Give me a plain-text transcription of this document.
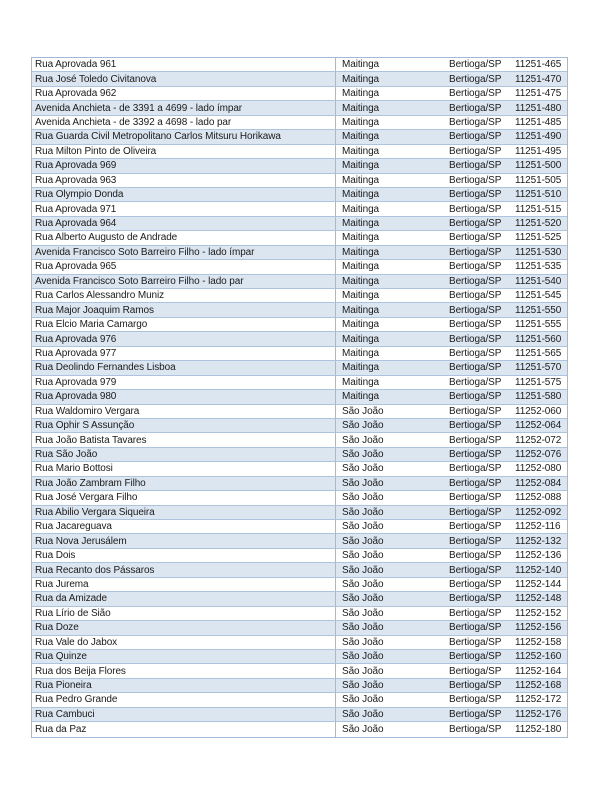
Rua Aprovada 961	Maitinga	Bertioga/SP	11251-465
Rua José Toledo Civitanova	Maitinga	Bertioga/SP	11251-470
Rua Aprovada 962	Maitinga	Bertioga/SP	11251-475
Avenida Anchieta - de 3391 a 4699 - lado ímpar	Maitinga	Bertioga/SP	11251-480
Avenida Anchieta - de 3392 a 4698 - lado par	Maitinga	Bertioga/SP	11251-485
Rua Guarda Civil Metropolitano Carlos Mitsuru Horikawa	Maitinga	Bertioga/SP	11251-490
Rua Milton Pinto de Oliveira	Maitinga	Bertioga/SP	11251-495
Rua Aprovada 969	Maitinga	Bertioga/SP	11251-500
Rua Aprovada 963	Maitinga	Bertioga/SP	11251-505
Rua Olympio Donda	Maitinga	Bertioga/SP	11251-510
Rua Aprovada 971	Maitinga	Bertioga/SP	11251-515
Rua Aprovada 964	Maitinga	Bertioga/SP	11251-520
Rua Alberto Augusto de Andrade	Maitinga	Bertioga/SP	11251-525
Avenida Francisco Soto Barreiro Filho - lado ímpar	Maitinga	Bertioga/SP	11251-530
Rua Aprovada 965	Maitinga	Bertioga/SP	11251-535
Avenida Francisco Soto Barreiro Filho - lado par	Maitinga	Bertioga/SP	11251-540
Rua Carlos Alessandro Muniz	Maitinga	Bertioga/SP	11251-545
Rua Major Joaquim Ramos	Maitinga	Bertioga/SP	11251-550
Rua Elcio Maria Camargo	Maitinga	Bertioga/SP	11251-555
Rua Aprovada 976	Maitinga	Bertioga/SP	11251-560
Rua Aprovada 977	Maitinga	Bertioga/SP	11251-565
Rua Deolindo Fernandes Lisboa	Maitinga	Bertioga/SP	11251-570
Rua Aprovada 979	Maitinga	Bertioga/SP	11251-575
Rua Aprovada 980	Maitinga	Bertioga/SP	11251-580
Rua Waldomiro Vergara	São João	Bertioga/SP	11252-060
Rua Ophir S Assunção	São João	Bertioga/SP	11252-064
Rua João Batista Tavares	São João	Bertioga/SP	11252-072
Rua São João	São João	Bertioga/SP	11252-076
Rua Mario Bottosi	São João	Bertioga/SP	11252-080
Rua João Zambram Filho	São João	Bertioga/SP	11252-084
Rua José Vergara Filho	São João	Bertioga/SP	11252-088
Rua Abilio Vergara Siqueira	São João	Bertioga/SP	11252-092
Rua Jacareguava	São João	Bertioga/SP	11252-116
Rua Nova Jerusálem	São João	Bertioga/SP	11252-132
Rua Dois	São João	Bertioga/SP	11252-136
Rua Recanto dos Pássaros	São João	Bertioga/SP	11252-140
Rua Jurema	São João	Bertioga/SP	11252-144
Rua da Amizade	São João	Bertioga/SP	11252-148
Rua Lírio de Sião	São João	Bertioga/SP	11252-152
Rua Doze	São João	Bertioga/SP	11252-156
Rua Vale do Jabox	São João	Bertioga/SP	11252-158
Rua Quinze	São João	Bertioga/SP	11252-160
Rua dos Beija Flores	São João	Bertioga/SP	11252-164
Rua Pioneira	São João	Bertioga/SP	11252-168
Rua Pedro Grande	São João	Bertioga/SP	11252-172
Rua Cambuci	São João	Bertioga/SP	11252-176
Rua da Paz	São João	Bertioga/SP	11252-180
